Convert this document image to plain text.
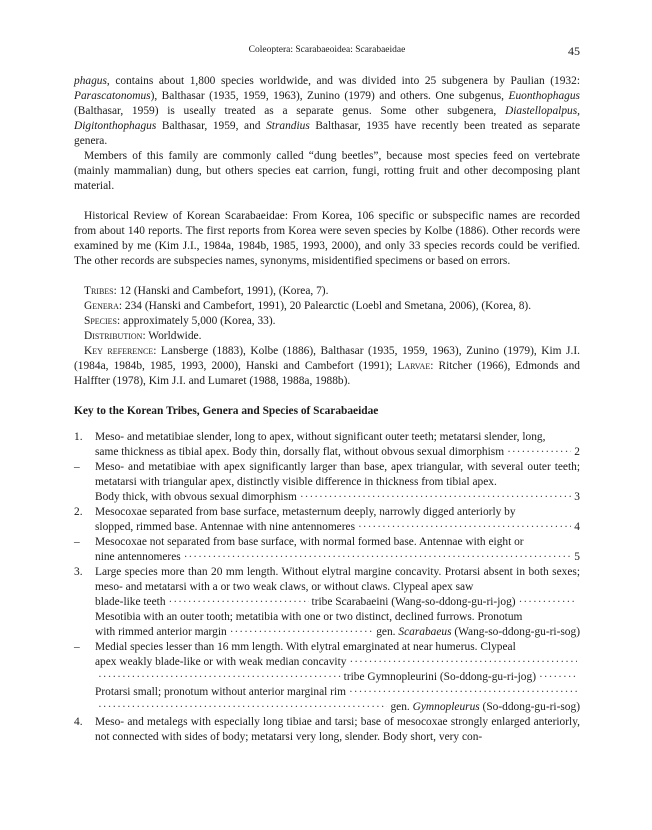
Coleoptera: Scarabaeoidea: Scarabaeidae	45

phagus, contains about 1,800 species worldwide, and was divided into 25 subgenera by Paulian (1932: Parascatonomus), Balthasar (1935, 1959, 1963), Zunino (1979) and others. One subgenus, Euonthophagus (Balthasar, 1959) is useally treated as a separate genus. Some other subgenera, Diastellopalpus, Digitonthophagus Balthasar, 1959, and Strandius Balthasar, 1935 have recently been treated as separate genera.

Members of this family are commonly called “dung beetles”, because most species feed on vertebrate (mainly mammalian) dung, but others species eat carrion, fungi, rotting fruit and other decomposing plant material.

Historical Review of Korean Scarabaeidae: From Korea, 106 specific or subspecific names are recorded from about 140 reports. The first reports from Korea were seven species by Kolbe (1886). Other records were examined by me (Kim J.I., 1984a, 1984b, 1985, 1993, 2000), and only 33 species records could be verified. The other records are subspecies names, synonyms, misidentified specimens or based on errors.

Tribes: 12 (Hanski and Cambefort, 1991), (Korea, 7).

Genera: 234 (Hanski and Cambefort, 1991), 20 Palearctic (Loebl and Smetana, 2006), (Korea, 8).

Species: approximately 5,000 (Korea, 33).

Distribution: Worldwide.

Key reference: Lansberge (1883), Kolbe (1886), Balthasar (1935, 1959, 1963), Zunino (1979), Kim J.I. (1984a, 1984b, 1985, 1993, 2000), Hanski and Cambefort (1991); Larvae: Ritcher (1966), Edmonds and Halffter (1978), Kim J.I. and Lumaret (1988, 1988a, 1988b).

Key to the Korean Tribes, Genera and Species of Scarabaeidae

1.	Meso- and metatibiae slender, long to apex, without significant outer teeth; metatarsi slender, long,

same thickness as tibial apex. Body thin, dorsally flat, without obvous sexual dimorphism ·····	2
–	Meso- and metatibiae with apex significantly larger than base, apex triangular, with several outer teeth; metatarsi with triangular apex, distinctly visible difference in thickness from tibial apex.

Body thick, with obvous sexual dimorphism ·····	3
2.	Mesocoxae separated from base surface, metasternum deeply, narrowly digged anteriorly by

slopped, rimmed base. Antennae with nine antennomeres ·····	4
–	Mesocoxae not separated from base surface, with normal formed base. Antennae with eight or

nine antennomeres ·····	5
3.	Large species more than 20 mm length. Without elytral margine concavity. Protarsi absent in both sexes; meso- and metatarsi with a or two weak claws, or without claws. Clypeal apex saw

blade-like teeth ·····	tribe Scarabaeini (Wang-so-ddong-gu-ri-jog)
·····

Mesotibia with an outer tooth; metatibia with one or two distinct, declined furrows. Pronotum

with rimmed anterior margin ·····	gen. Scarabaeus (Wang-so-ddong-gu-ri-sog)
–	Medial species lesser than 16 mm length. With elytral emarginated at near humerus. Clypeal

apex weakly blade-like or with weak median concavity
·····
·····
tribe Gymnopleurini (So-ddong-gu-ri-jog)
·····
Protarsi small; pronotum without anterior marginal rim
·····
·····
gen. Gymnopleurus (So-ddong-gu-ri-sog)
4.	Meso- and metalegs with especially long tibiae and tarsi; base of mesocoxae strongly enlarged anteriorly, not connected with sides of body; metatarsi very long, slender. Body short, very con-
